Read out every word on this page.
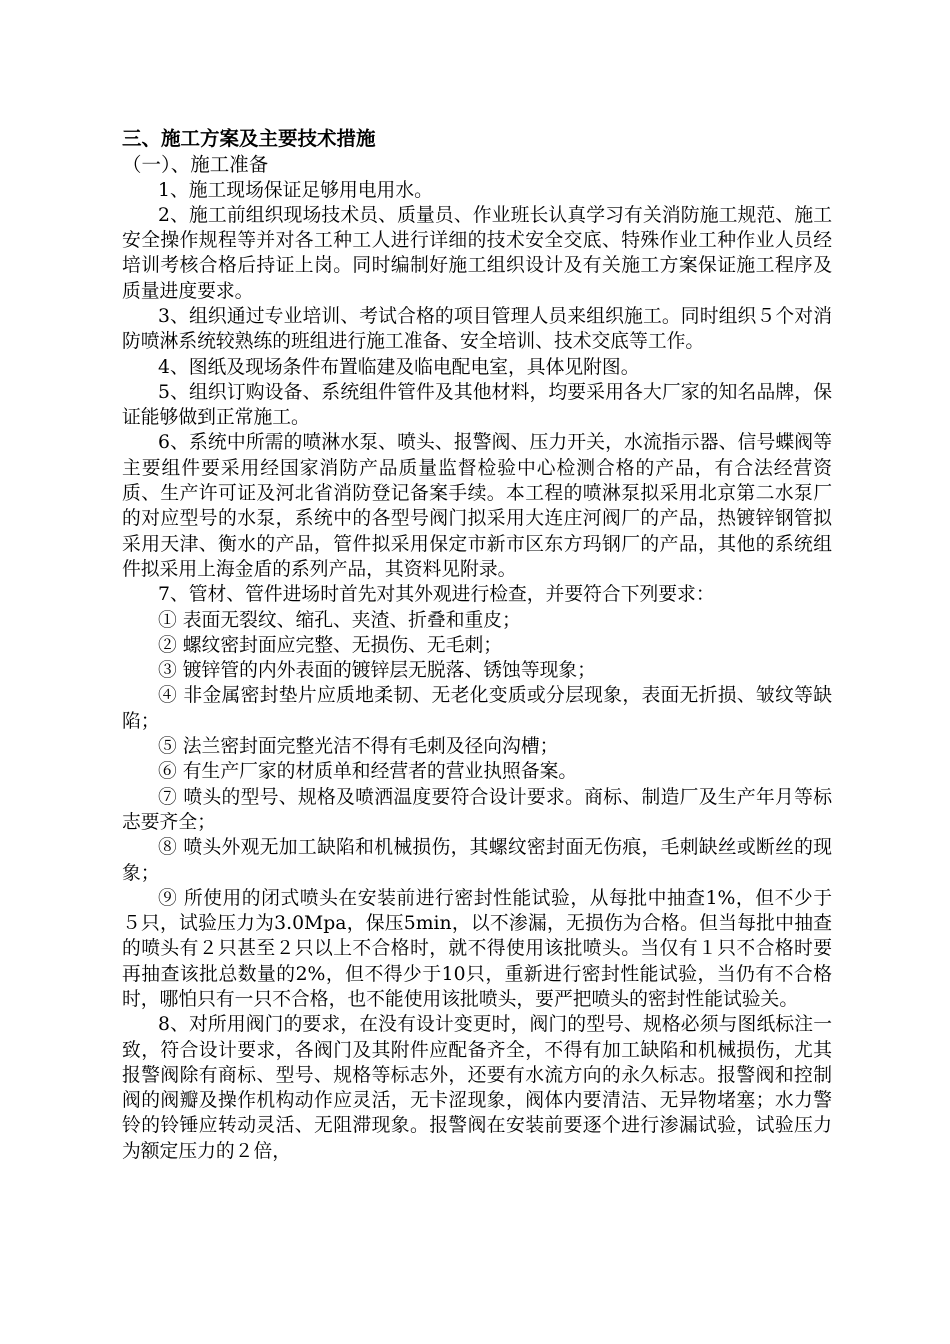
三、施工方案及主要技术措施

（一）、施工准备

1、施工现场保证足够用电用水。

2、施工前组织现场技术员、质量员、作业班长认真学习有关消防施工规范、施工安全操作规程等并对各工种工人进行详细的技术安全交底、特殊作业工种作业人员经培训考核合格后持证上岗。同时编制好施工组织设计及有关施工方案保证施工程序及质量进度要求。

3、组织通过专业培训、考试合格的项目管理人员来组织施工。同时组织５个对消防喷淋系统较熟练的班组进行施工准备、安全培训、技术交底等工作。

4、图纸及现场条件布置临建及临电配电室，具体见附图。

5、组织订购设备、系统组件管件及其他材料，均要采用各大厂家的知名品牌，保证能够做到正常施工。

6、系统中所需的喷淋水泵、喷头、报警阀、压力开关，水流指示器、信号蝶阀等主要组件要采用经国家消防产品质量监督检验中心检测合格的产品，有合法经营资质、生产许可证及河北省消防登记备案手续。本工程的喷淋泵拟采用北京第二水泵厂的对应型号的水泵，系统中的各型号阀门拟采用大连庄河阀厂的产品，热镀锌钢管拟采用天津、衡水的产品，管件拟采用保定市新市区东方玛钢厂的产品，其他的系统组件拟采用上海金盾的系列产品，其资料见附录。

7、管材、管件进场时首先对其外观进行检查，并要符合下列要求：

① 表面无裂纹、缩孔、夹渣、折叠和重皮；

② 螺纹密封面应完整、无损伤、无毛刺；

③ 镀锌管的内外表面的镀锌层无脱落、锈蚀等现象；

④ 非金属密封垫片应质地柔韧、无老化变质或分层现象，表面无折损、皱纹等缺陷；

⑤ 法兰密封面完整光洁不得有毛刺及径向沟槽；

⑥ 有生产厂家的材质单和经营者的营业执照备案。

⑦ 喷头的型号、规格及喷洒温度要符合设计要求。商标、制造厂及生产年月等标志要齐全；

⑧ 喷头外观无加工缺陷和机械损伤，其螺纹密封面无伤痕，毛刺缺丝或断丝的现象；

⑨ 所使用的闭式喷头在安装前进行密封性能试验，从每批中抽查1%，但不少于５只，试验压力为3.0Mpa，保压5min，以不渗漏，无损伤为合格。但当每批中抽查的喷头有２只甚至２只以上不合格时，就不得使用该批喷头。当仅有１只不合格时要再抽查该批总数量的2%，但不得少于10只，重新进行密封性能试验，当仍有不合格时，哪怕只有一只不合格，也不能使用该批喷头，要严把喷头的密封性能试验关。

8、对所用阀门的要求，在没有设计变更时，阀门的型号、规格必须与图纸标注一致，符合设计要求，各阀门及其附件应配备齐全，不得有加工缺陷和机械损伤，尤其报警阀除有商标、型号、规格等标志外，还要有水流方向的永久标志。报警阀和控制阀的阀瓣及操作机构动作应灵活，无卡涩现象，阀体内要清洁、无异物堵塞；水力警铃的铃锤应转动灵活、无阻滞现象。报警阀在安装前要逐个进行渗漏试验，试验压力为额定压力的２倍，
